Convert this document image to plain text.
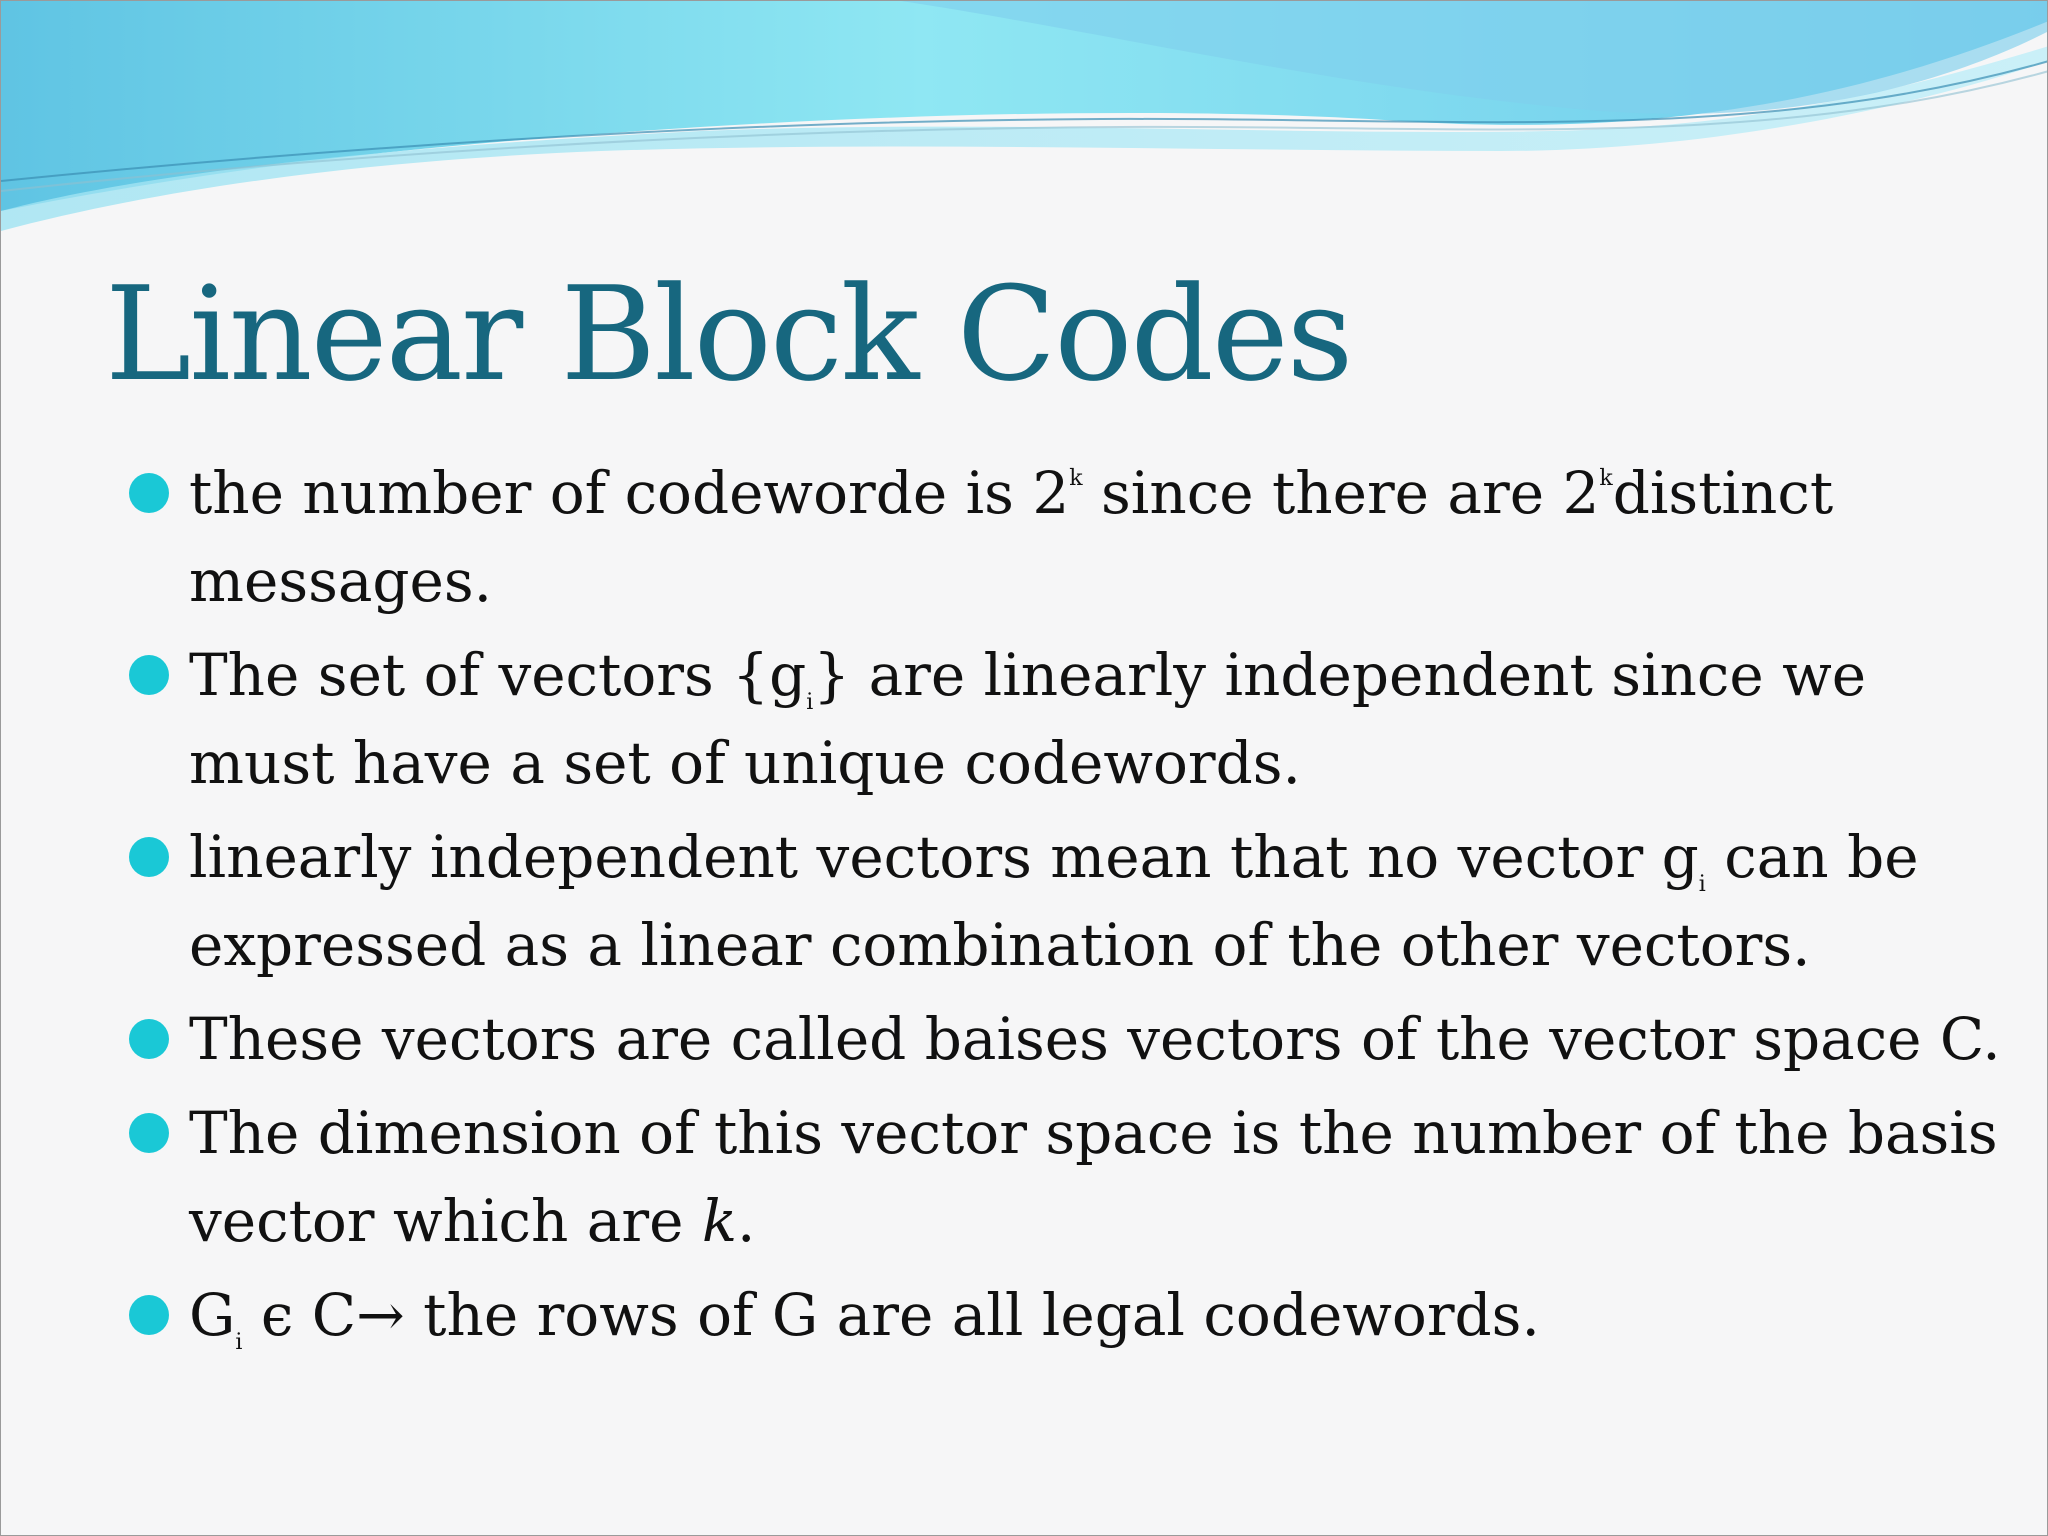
Linear Block Codes
the number of codeworde is 2$^k$ since there are 2$^k$distinct messages.
The set of vectors $\{g_i\}$ are linearly independent since we must have a set of unique codewords.
linearly independent vectors mean that no vector $g_i$ can be expressed as a linear combination of the other vectors.
These vectors are called baises vectors of the vector space C.
The dimension of this vector space is the number of the basis vector which are k.
$G_i$ ϵ C→ the rows of G are all legal codewords.
